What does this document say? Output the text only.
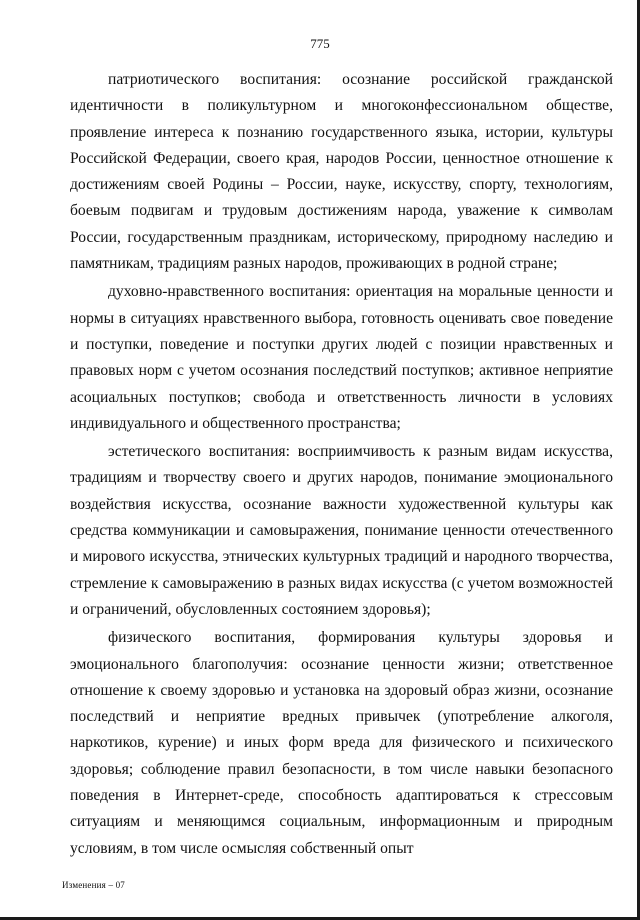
775

патриотического воспитания: осознание российской гражданской идентичности в поликультурном и многоконфессиональном обществе, проявление интереса к познанию государственного языка, истории, культуры Российской Федерации, своего края, народов России, ценностное отношение к достижениям своей Родины – России, науке, искусству, спорту, технологиям, боевым подвигам и трудовым достижениям народа, уважение к символам России, государственным праздникам, историческому, природному наследию и памятникам, традициям разных народов, проживающих в родной стране;

духовно-нравственного воспитания: ориентация на моральные ценности и нормы в ситуациях нравственного выбора, готовность оценивать свое поведение и поступки, поведение и поступки других людей с позиции нравственных и правовых норм с учетом осознания последствий поступков; активное неприятие асоциальных поступков; свобода и ответственность личности в условиях индивидуального и общественного пространства;

эстетического воспитания: восприимчивость к разным видам искусства, традициям и творчеству своего и других народов, понимание эмоционального воздействия искусства, осознание важности художественной культуры как средства коммуникации и самовыражения, понимание ценности отечественного и мирового искусства, этнических культурных традиций и народного творчества, стремление к самовыражению в разных видах искусства (с учетом возможностей и ограничений, обусловленных состоянием здоровья);

физического воспитания, формирования культуры здоровья и эмоционального благополучия: осознание ценности жизни; ответственное отношение к своему здоровью и установка на здоровый образ жизни, осознание последствий и неприятие вредных привычек (употребление алкоголя, наркотиков, курение) и иных форм вреда для физического и психического здоровья; соблюдение правил безопасности, в том числе навыки безопасного поведения в Интернет-среде, способность адаптироваться к стрессовым ситуациям и меняющимся социальным, информационным и природным условиям, в том числе осмысляя собственный опыт

Изменения – 07
